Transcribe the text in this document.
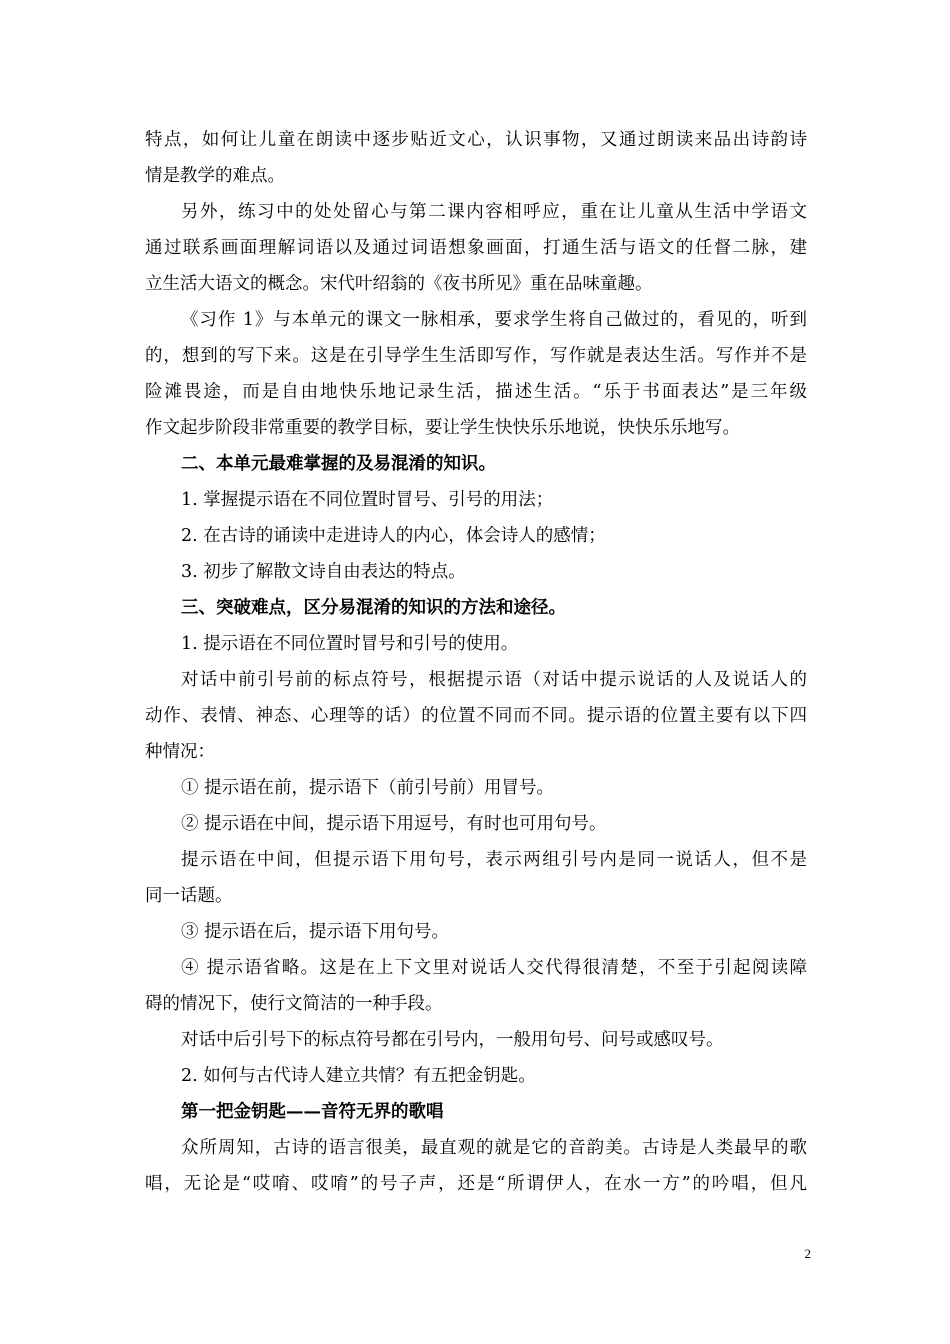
特点，如何让儿童在朗读中逐步贴近文心，认识事物，又通过朗读来品出诗韵诗
情是教学的难点。
另外，练习中的处处留心与第二课内容相呼应，重在让儿童从生活中学语文
通过联系画面理解词语以及通过词语想象画面，打通生活与语文的任督二脉，建
立生活大语文的概念。宋代叶绍翁的《夜书所见》重在品味童趣。
《习作 1》与本单元的课文一脉相承，要求学生将自己做过的，看见的，听到
的，想到的写下来。这是在引导学生生活即写作，写作就是表达生活。写作并不是
险滩畏途，而是自由地快乐地记录生活，描述生活。“乐于书面表达”是三年级
作文起步阶段非常重要的教学目标，要让学生快快乐乐地说，快快乐乐地写。
二、本单元最难掌握的及易混淆的知识。
1. 掌握提示语在不同位置时冒号、引号的用法；
2. 在古诗的诵读中走进诗人的内心，体会诗人的感情；
3. 初步了解散文诗自由表达的特点。
三、突破难点，区分易混淆的知识的方法和途径。
1. 提示语在不同位置时冒号和引号的使用。
对话中前引号前的标点符号，根据提示语（对话中提示说话的人及说话人的
动作、表情、神态、心理等的话）的位置不同而不同。提示语的位置主要有以下四
种情况：
① 提示语在前，提示语下（前引号前）用冒号。
② 提示语在中间，提示语下用逗号，有时也可用句号。
提示语在中间，但提示语下用句号，表示两组引号内是同一说话人，但不是
同一话题。
③ 提示语在后，提示语下用句号。
④ 提示语省略。这是在上下文里对说话人交代得很清楚，不至于引起阅读障
碍的情况下，使行文简洁的一种手段。
对话中后引号下的标点符号都在引号内，一般用句号、问号或感叹号。
2. 如何与古代诗人建立共情？有五把金钥匙。
第一把金钥匙——音符无界的歌唱
众所周知，古诗的语言很美，最直观的就是它的音韵美。古诗是人类最早的歌
唱，无论是“哎唷、哎唷”的号子声，还是“所谓伊人，在水一方”的吟唱，但凡
2
